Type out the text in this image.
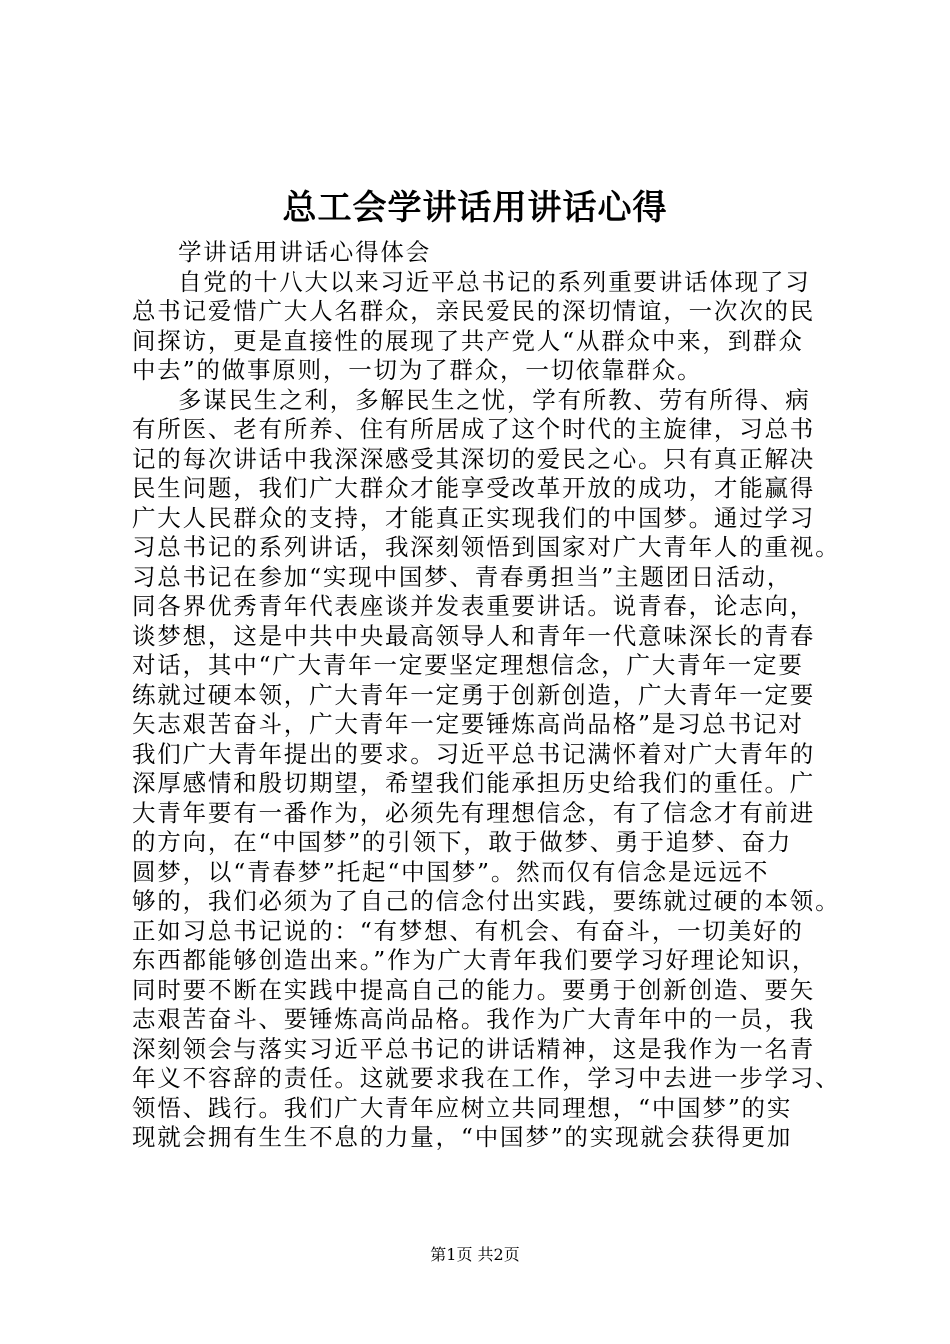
总工会学讲话用讲话心得
学讲话用讲话心得体会
自党的十八大以来习近平总书记的系列重要讲话体现了习
总书记爱惜广大人名群众，亲民爱民的深切情谊，一次次的民
间探访，更是直接性的展现了共产党人“从群众中来，到群众
中去”的做事原则，一切为了群众，一切依靠群众。
多谋民生之利，多解民生之忧，学有所教、劳有所得、病
有所医、老有所养、住有所居成了这个时代的主旋律，习总书
记的每次讲话中我深深感受其深切的爱民之心。只有真正解决
民生问题，我们广大群众才能享受改革开放的成功，才能赢得
广大人民群众的支持，才能真正实现我们的中国梦。通过学习
习总书记的系列讲话，我深刻领悟到国家对广大青年人的重视。
习总书记在参加“实现中国梦、青春勇担当”主题团日活动，
同各界优秀青年代表座谈并发表重要讲话。说青春，论志向，
谈梦想，这是中共中央最高领导人和青年一代意味深长的青春
对话，其中“广大青年一定要坚定理想信念，广大青年一定要
练就过硬本领，广大青年一定勇于创新创造，广大青年一定要
矢志艰苦奋斗，广大青年一定要锤炼高尚品格”是习总书记对
我们广大青年提出的要求。习近平总书记满怀着对广大青年的
深厚感情和殷切期望，希望我们能承担历史给我们的重任。广
大青年要有一番作为，必须先有理想信念，有了信念才有前进
的方向，在“中国梦”的引领下，敢于做梦、勇于追梦、奋力
圆梦，以“青春梦”托起“中国梦”。然而仅有信念是远远不
够的，我们必须为了自己的信念付出实践，要练就过硬的本领。
正如习总书记说的：“有梦想、有机会、有奋斗，一切美好的
东西都能够创造出来。”作为广大青年我们要学习好理论知识，
同时要不断在实践中提高自己的能力。要勇于创新创造、要矢
志艰苦奋斗、要锤炼高尚品格。我作为广大青年中的一员，我
深刻领会与落实习近平总书记的讲话精神，这是我作为一名青
年义不容辞的责任。这就要求我在工作，学习中去进一步学习、
领悟、践行。我们广大青年应树立共同理想，“中国梦”的实
现就会拥有生生不息的力量，“中国梦”的实现就会获得更加
第1页 共2页
